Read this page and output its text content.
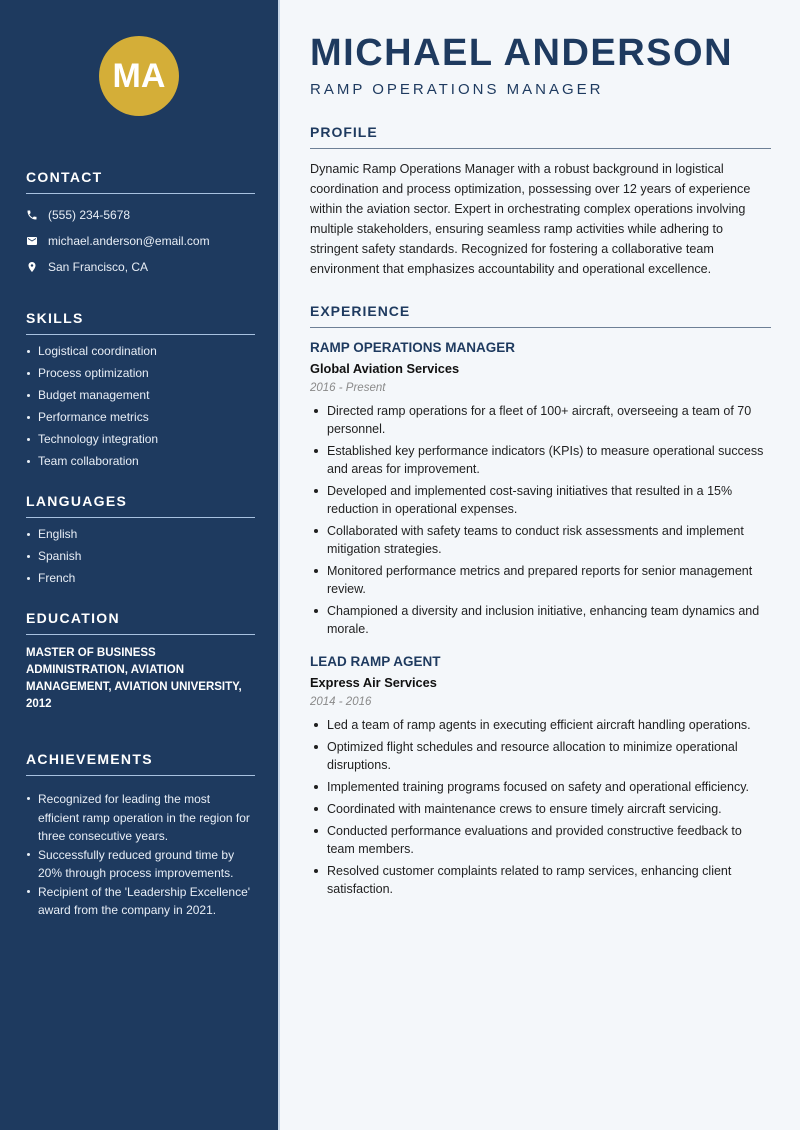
MA
CONTACT
(555) 234-5678
michael.anderson@email.com
San Francisco, CA
SKILLS
Logistical coordination
Process optimization
Budget management
Performance metrics
Technology integration
Team collaboration
LANGUAGES
English
Spanish
French
EDUCATION

MASTER OF BUSINESS ADMINISTRATION, AVIATION MANAGEMENT, AVIATION UNIVERSITY, 2012

ACHIEVEMENTS
Recognized for leading the most efficient ramp operation in the region for three consecutive years.
Successfully reduced ground time by 20% through process improvements.
Recipient of the 'Leadership Excellence' award from the company in 2021.
MICHAEL ANDERSON
RAMP OPERATIONS MANAGER
PROFILE

Dynamic Ramp Operations Manager with a robust background in logistical coordination and process optimization, possessing over 12 years of experience within the aviation sector. Expert in orchestrating complex operations involving multiple stakeholders, ensuring seamless ramp activities while adhering to stringent safety standards. Recognized for fostering a collaborative team environment that emphasizes accountability and operational excellence.

EXPERIENCE
RAMP OPERATIONS MANAGER
Global Aviation Services
2016 - Present
Directed ramp operations for a fleet of 100+ aircraft, overseeing a team of 70 personnel.
Established key performance indicators (KPIs) to measure operational success and areas for improvement.
Developed and implemented cost-saving initiatives that resulted in a 15% reduction in operational expenses.
Collaborated with safety teams to conduct risk assessments and implement mitigation strategies.
Monitored performance metrics and prepared reports for senior management review.
Championed a diversity and inclusion initiative, enhancing team dynamics and morale.
LEAD RAMP AGENT
Express Air Services
2014 - 2016
Led a team of ramp agents in executing efficient aircraft handling operations.
Optimized flight schedules and resource allocation to minimize operational disruptions.
Implemented training programs focused on safety and operational efficiency.
Coordinated with maintenance crews to ensure timely aircraft servicing.
Conducted performance evaluations and provided constructive feedback to team members.
Resolved customer complaints related to ramp services, enhancing client satisfaction.
